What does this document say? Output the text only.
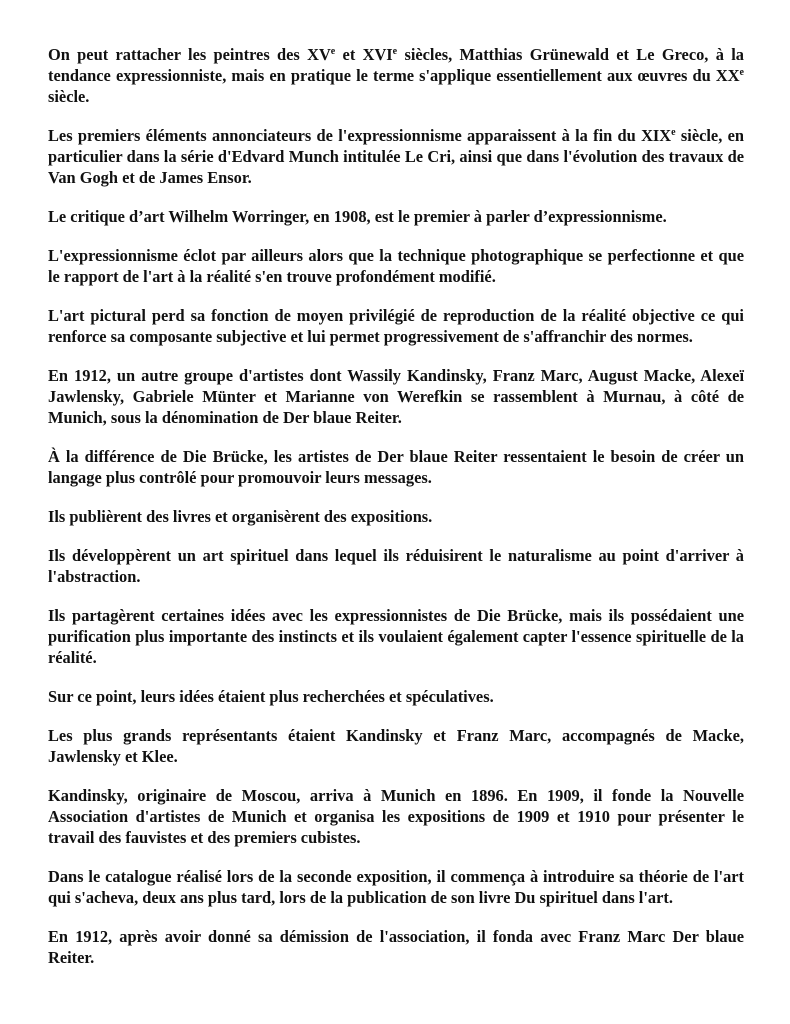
On peut rattacher les peintres des XVe et XVIe siècles, Matthias Grünewald et Le Greco, à la tendance expressionniste, mais en pratique le terme s'applique essentiellement aux œuvres du XXe siècle.

Les premiers éléments annonciateurs de l'expressionnisme apparaissent à la fin du XIXe siècle, en particulier dans la série d'Edvard Munch intitulée Le Cri, ainsi que dans l'évolution des travaux de Van Gogh et de James Ensor.

Le critique d’art Wilhelm Worringer, en 1908, est le premier à parler d’expressionnisme.

L'expressionnisme éclot par ailleurs alors que la technique photographique se perfectionne et que le rapport de l'art à la réalité s'en trouve profondément modifié.

L'art pictural perd sa fonction de moyen privilégié de reproduction de la réalité objective ce qui renforce sa composante subjective et lui permet progressivement de s'affranchir des normes.

En 1912, un autre groupe d'artistes dont Wassily Kandinsky, Franz Marc, August Macke, Alexeï Jawlensky, Gabriele Münter et Marianne von Werefkin se rassemblent à Murnau, à côté de Munich, sous la dénomination de Der blaue Reiter.

À la différence de Die Brücke, les artistes de Der blaue Reiter ressentaient le besoin de créer un langage plus contrôlé pour promouvoir leurs messages.

Ils publièrent des livres et organisèrent des expositions.

Ils développèrent un art spirituel dans lequel ils réduisirent le naturalisme au point d'arriver à l'abstraction.

Ils partagèrent certaines idées avec les expressionnistes de Die Brücke, mais ils possédaient une purification plus importante des instincts et ils voulaient également capter l'essence spirituelle de la réalité.

Sur ce point, leurs idées étaient plus recherchées et spéculatives.

Les plus grands représentants étaient Kandinsky et Franz Marc, accompagnés de Macke, Jawlensky et Klee.

Kandinsky, originaire de Moscou, arriva à Munich en 1896. En 1909, il fonde la Nouvelle Association d'artistes de Munich et organisa les expositions de 1909 et 1910 pour présenter le travail des fauvistes et des premiers cubistes.

Dans le catalogue réalisé lors de la seconde exposition, il commença à introduire sa théorie de l'art qui s'acheva, deux ans plus tard, lors de la publication de son livre Du spirituel dans l'art.

En 1912, après avoir donné sa démission de l'association, il fonda avec Franz Marc Der blaue Reiter.
